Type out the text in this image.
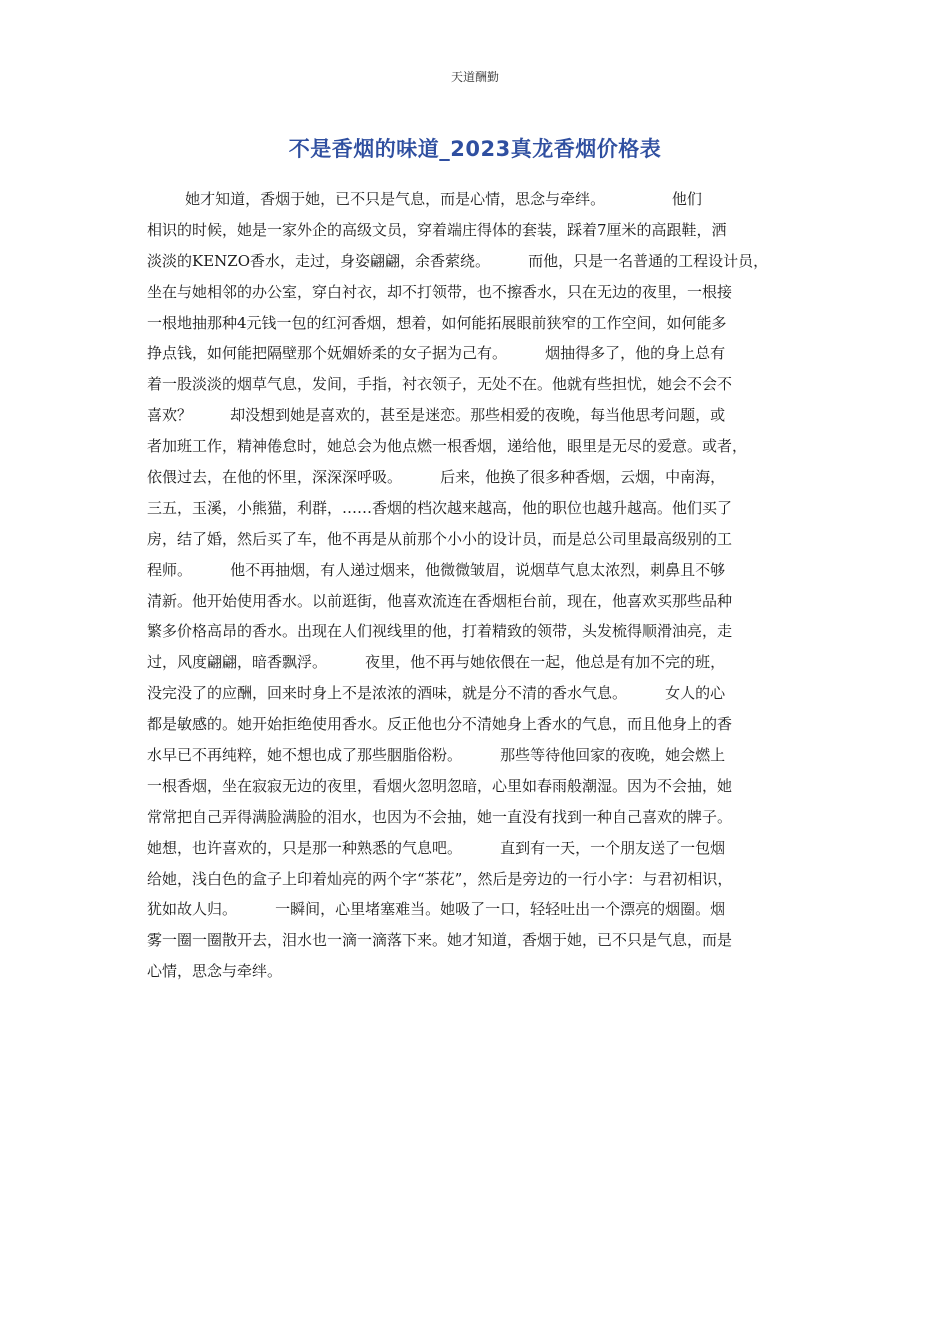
天道酬勤
不是香烟的味道_2023真龙香烟价格表
她才知道，香烟于她，已不只是气息，而是心情，思念与牵绊。              他们
相识的时候，她是一家外企的高级文员，穿着端庄得体的套装，踩着7厘米的高跟鞋，洒
淡淡的KENZO香水，走过，身姿翩翩，余香萦绕。        而他，只是一名普通的工程设计员，
坐在与她相邻的办公室，穿白衬衣，却不打领带，也不擦香水，只在无边的夜里，一根接
一根地抽那种4元钱一包的红河香烟，想着，如何能拓展眼前狭窄的工作空间，如何能多
挣点钱，如何能把隔壁那个妩媚娇柔的女子据为己有。        烟抽得多了，他的身上总有
着一股淡淡的烟草气息，发间，手指，衬衣领子，无处不在。他就有些担忧，她会不会不
喜欢？        却没想到她是喜欢的，甚至是迷恋。那些相爱的夜晚，每当他思考问题，或
者加班工作，精神倦怠时，她总会为他点燃一根香烟，递给他，眼里是无尽的爱意。或者，
依偎过去，在他的怀里，深深深呼吸。        后来，他换了很多种香烟，云烟，中南海，
三五，玉溪，小熊猫，利群，……香烟的档次越来越高，他的职位也越升越高。他们买了
房，结了婚，然后买了车，他不再是从前那个小小的设计员，而是总公司里最高级别的工
程师。        他不再抽烟，有人递过烟来，他微微皱眉，说烟草气息太浓烈，刺鼻且不够
清新。他开始使用香水。以前逛街，他喜欢流连在香烟柜台前，现在，他喜欢买那些品种
繁多价格高昂的香水。出现在人们视线里的他，打着精致的领带，头发梳得顺滑油亮，走
过，风度翩翩，暗香飘浮。        夜里，他不再与她依偎在一起，他总是有加不完的班，
没完没了的应酬，回来时身上不是浓浓的酒味，就是分不清的香水气息。        女人的心
都是敏感的。她开始拒绝使用香水。反正他也分不清她身上香水的气息，而且他身上的香
水早已不再纯粹，她不想也成了那些胭脂俗粉。        那些等待他回家的夜晚，她会燃上
一根香烟，坐在寂寂无边的夜里，看烟火忽明忽暗，心里如春雨般潮湿。因为不会抽，她
常常把自己弄得满脸满脸的泪水，也因为不会抽，她一直没有找到一种自己喜欢的牌子。
她想，也许喜欢的，只是那一种熟悉的气息吧。        直到有一天，一个朋友送了一包烟
给她，浅白色的盒子上印着灿亮的两个字“茶花”，然后是旁边的一行小字：与君初相识，
犹如故人归。        一瞬间，心里堵塞难当。她吸了一口，轻轻吐出一个漂亮的烟圈。烟
雾一圈一圈散开去，泪水也一滴一滴落下来。她才知道，香烟于她，已不只是气息，而是
心情，思念与牵绊。
